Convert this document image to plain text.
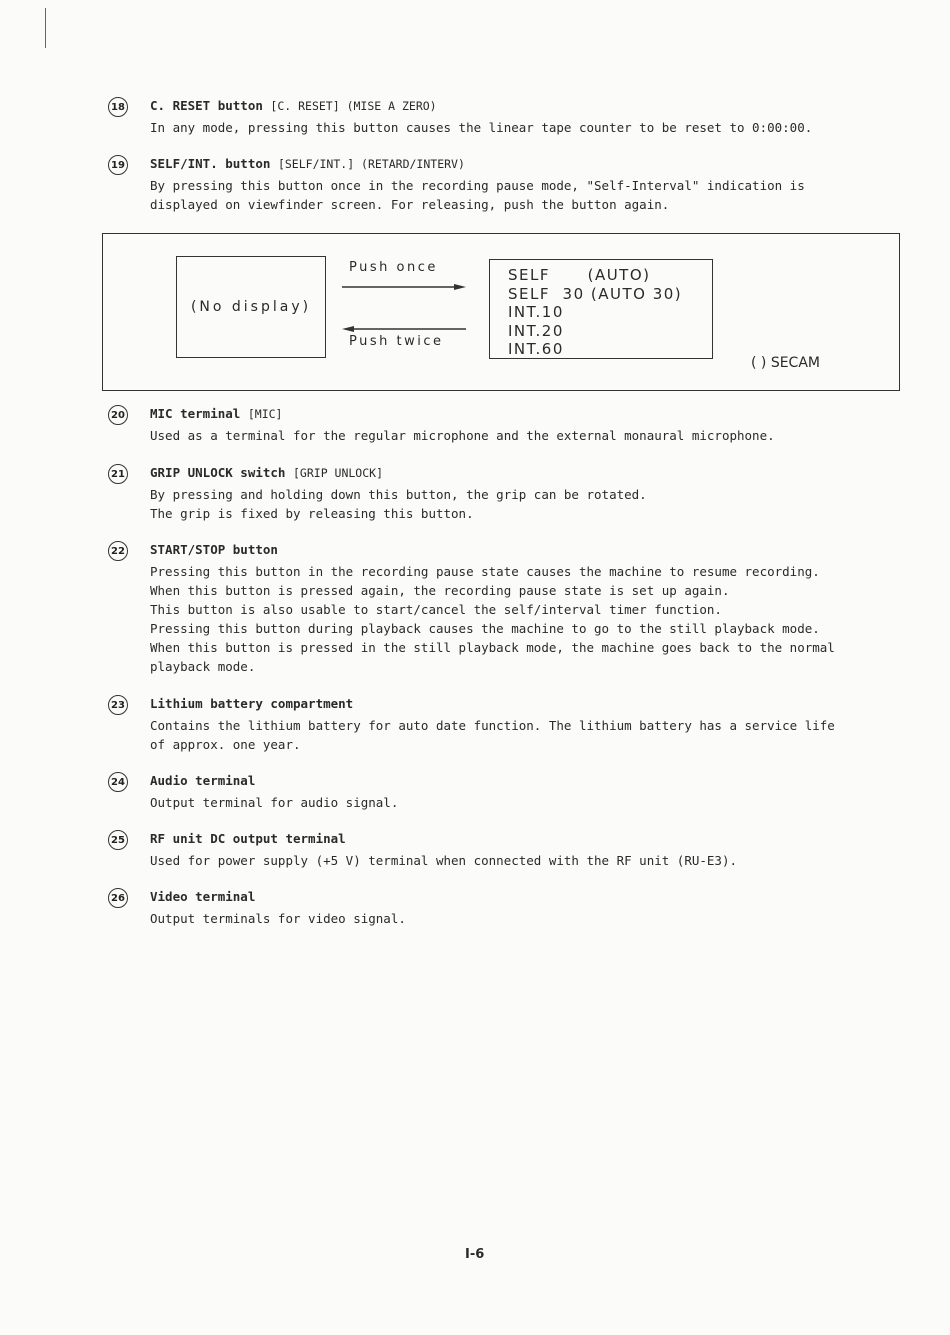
18 C. RESET button [C. RESET] (MISE A ZERO)
In any mode, pressing this button causes the linear tape counter to be reset to 0:00:00.
19 SELF/INT. button [SELF/INT.] (RETARD/INTERV)
By pressing this button once in the recording pause mode, "Self-Interval" indication is
displayed on viewfinder screen. For releasing, push the button again.
(No display)
Push once
Push twice
SELF      (AUTO)
SELF  30 (AUTO 30)
INT.10
INT.20
INT.60
( ) SECAM
20 MIC terminal [MIC]
Used as a terminal for the regular microphone and the external monaural microphone.
21 GRIP UNLOCK switch [GRIP UNLOCK]
By pressing and holding down this button, the grip can be rotated.
The grip is fixed by releasing this button.
22 START/STOP button
Pressing this button in the recording pause state causes the machine to resume recording.
When this button is pressed again, the recording pause state is set up again.
This button is also usable to start/cancel the self/interval timer function.
Pressing this button during playback causes the machine to go to the still playback mode.
When this button is pressed in the still playback mode, the machine goes back to the normal
playback mode.
23 Lithium battery compartment
Contains the lithium battery for auto date function. The lithium battery has a service life
of approx. one year.
24 Audio terminal
Output terminal for audio signal.
25 RF unit DC output terminal
Used for power supply (+5 V) terminal when connected with the RF unit (RU-E3).
26 Video terminal
Output terminals for video signal.
I-6
